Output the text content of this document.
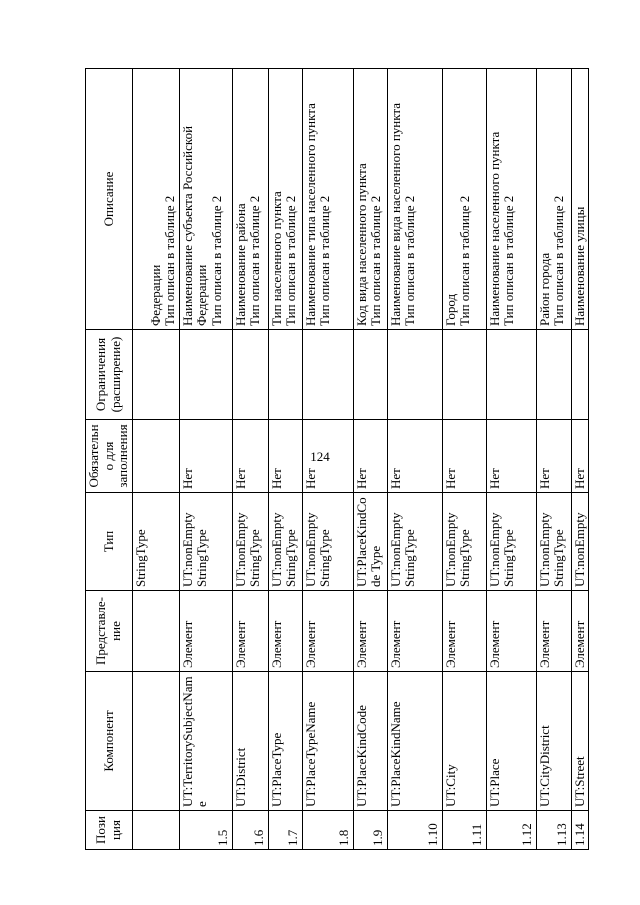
124
Позиция	Компонент	Представле-ние	Тип	Обязательно для заполнения	Ограничения (расширение)	Описание
			StringType			Федерации Тип описан в таблице 2

1.5	UT:TerritorySubjectName	Элемент	UT:nonEmpty StringType	Нет		Наименование субъекта Российской Федерации Тип описан в таблице 2

1.6	UT:District	Элемент	UT:nonEmpty StringType	Нет		Наименование района Тип описан в таблице 2

1.7	UT:PlaceType	Элемент	UT:nonEmpty StringType	Нет		Тип населенного пункта Тип описан в таблице 2

1.8	UT:PlaceTypeName	Элемент	UT:nonEmpty StringType	Нет		Наименование типа населенного пункта Тип описан в таблице 2

1.9	UT:PlaceKindCode	Элемент	UT:PlaceKindCode Type	Нет		Код вида населенного пункта Тип описан в таблице 2

1.10	UT:PlaceKindName	Элемент	UT:nonEmpty StringType	Нет		Наименование вида населенного пункта Тип описан в таблице 2

1.11	UT:City	Элемент	UT:nonEmpty StringType	Нет		Город Тип описан в таблице 2

1.12	UT:Place	Элемент	UT:nonEmpty StringType	Нет		Наименование населенного пункта Тип описан в таблице 2

1.13	UT:CityDistrict	Элемент	UT:nonEmpty StringType	Нет		Район города Тип описан в таблице 2

1.14	UT:Street	Элемент	UT:nonEmpty	Нет		Наименование улицы
